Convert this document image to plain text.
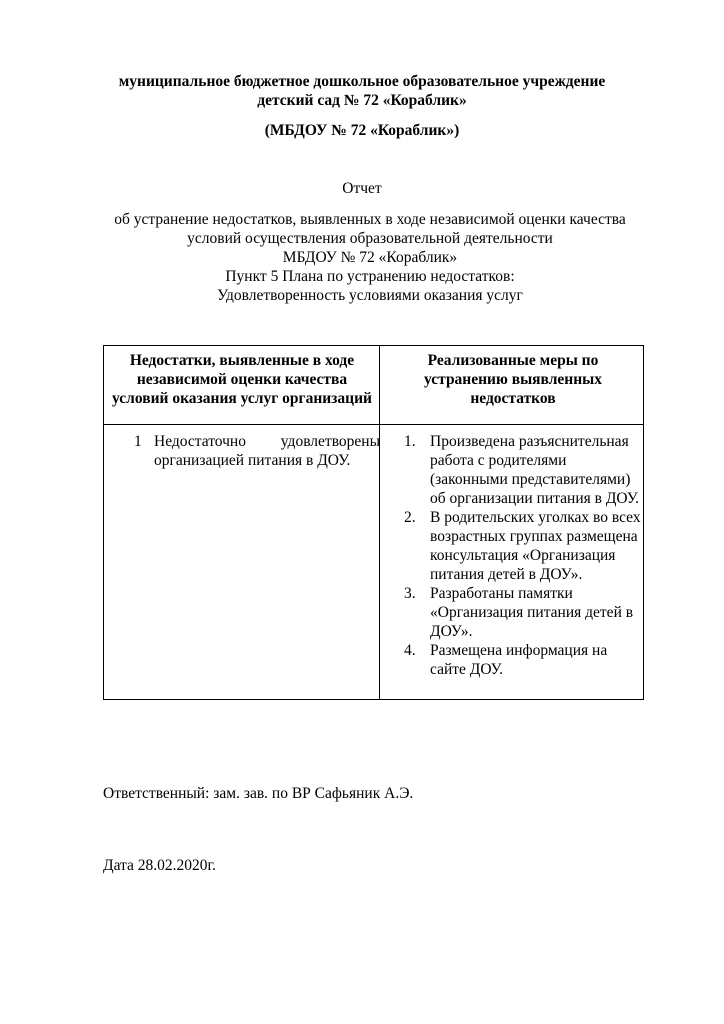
муниципальное бюджетное дошкольное образовательное учреждение
детский сад № 72 «Кораблик»
(МБДОУ № 72 «Кораблик»)
Отчет
об устранение недостатков, выявленных в ходе независимой оценки качества
условий осуществления образовательной деятельности
МБДОУ № 72 «Кораблик»
Пункт 5 Плана по устранению недостатков:
Удовлетворенность условиями оказания услуг
Недостатки, выявленные в ходе независимой оценки качества условий оказания услуг организаций
Реализованные меры по устранению выявленных недостатков
1 Недостаточно удовлетворены организацией питания в ДОУ.
1. Произведена разъяснительная работа с родителями (законными представителями) об организации питания в ДОУ.
2. В родительских уголках во всех возрастных группах размещена консультация «Организация питания детей в ДОУ».
3. Разработаны памятки «Организация питания детей в ДОУ».
4. Размещена информация на сайте ДОУ.
Ответственный: зам. зав. по ВР Сафьяник А.Э.
Дата 28.02.2020г.
